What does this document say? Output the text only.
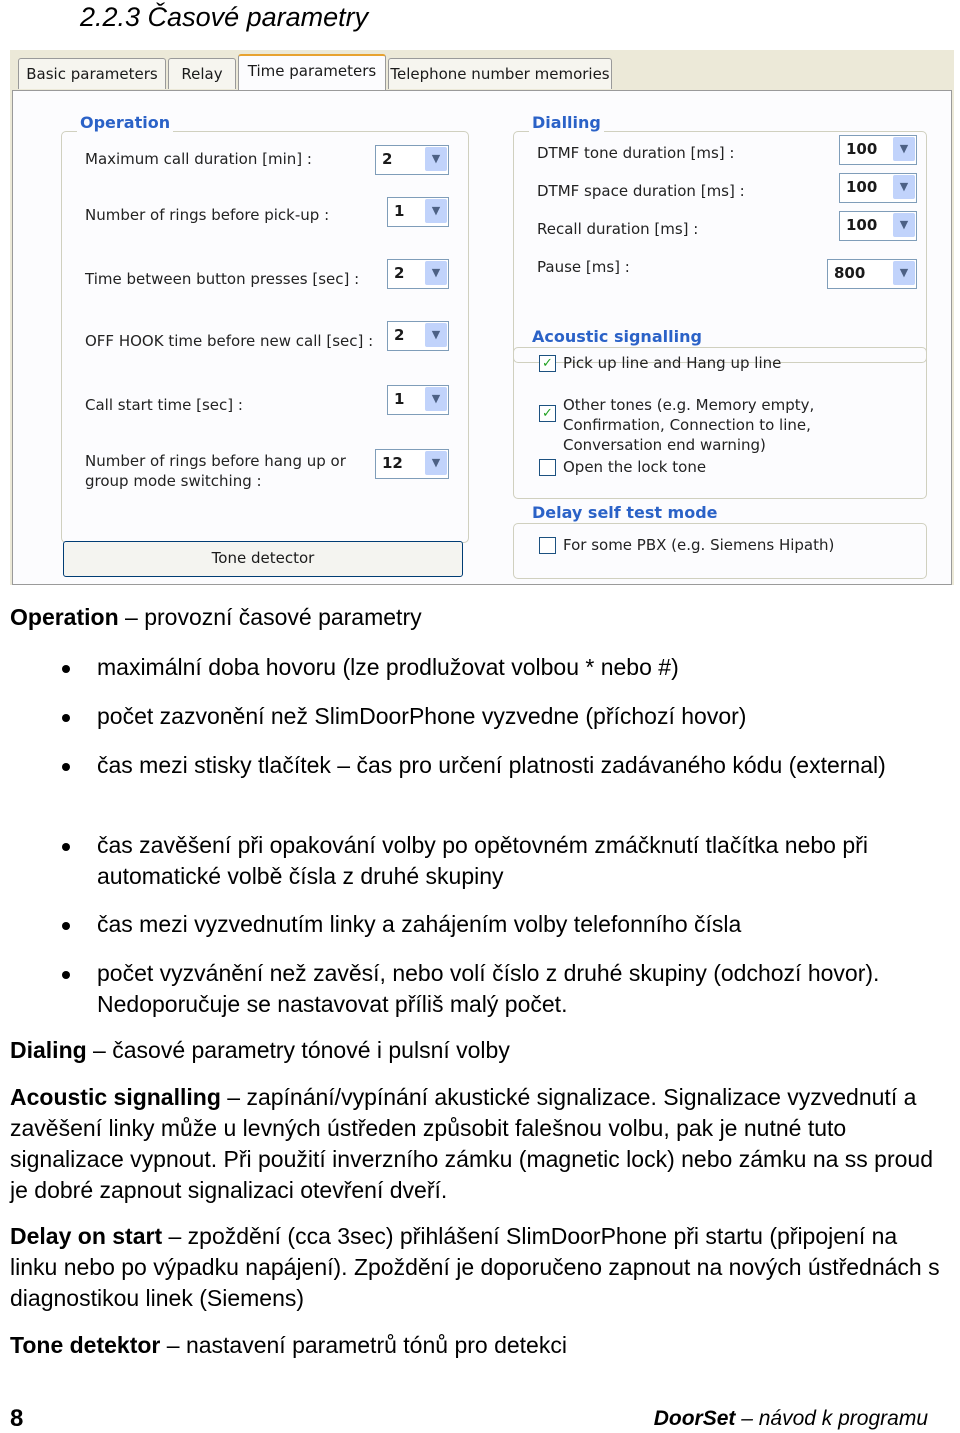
2.2.3 Časové parametry
Basic parameters	Relay	Time parameters Telephone number memories
Operation
Maximum call duration [min] :	2	▼
Number of rings before pick-up :	1	▼
Time between button presses [sec] : 2	▼
OFF HOOK time before new call [sec] : 2	▼
Call start time [sec] :	1	▼
Number of rings before hang up or group mode switching :
12	▼
Tone detector
Dialling
DTMF tone duration [ms] :	100	▼
DTMF space duration [ms] :	100	▼
Recall duration [ms] :	100	▼
Pause [ms] :	800	▼
Acoustic signalling
✓ Pick up line and Hang up line
✓ Other tones (e.g. Memory empty, Confirmation, Connection to line, Conversation end warning)
Open the lock tone
Delay self test mode
For some PBX (e.g. Siemens Hipath)
Operation – provozní časové parametry
maximální doba hovoru (lze prodlužovat volbou * nebo #)
počet zazvonění než SlimDoorPhone vyzvedne (příchozí hovor)
čas mezi stisky tlačítek – čas pro určení platnosti zadávaného kódu (external)
čas zavěšení při opakování volby po opětovném zmáčknutí tlačítka nebo při automatické volbě čísla z druhé skupiny
čas mezi vyzvednutím linky a zahájením volby telefonního čísla
počet vyzvánění než zavěsí, nebo volí číslo z druhé skupiny (odchozí hovor). Nedoporučuje se nastavovat příliš malý počet.
Dialing – časové parametry tónové i pulsní volby
Acoustic signalling – zapínání/vypínání akustické signalizace. Signalizace vyzvednutí a zavěšení linky může u levných ústředen způsobit falešnou volbu, pak je nutné tuto signalizace vypnout. Při použití inverzního zámku (magnetic lock) nebo zámku na ss proud je dobré zapnout signalizaci otevření dveří.
Delay on start – zpoždění (cca 3sec) přihlášení SlimDoorPhone při startu (připojení na linku nebo po výpadku napájení). Zpoždění je doporučeno zapnout na nových ústřednách s diagnostikou linek (Siemens)
Tone detektor – nastavení parametrů tónů pro detekci
8	DoorSet – návod k programu
